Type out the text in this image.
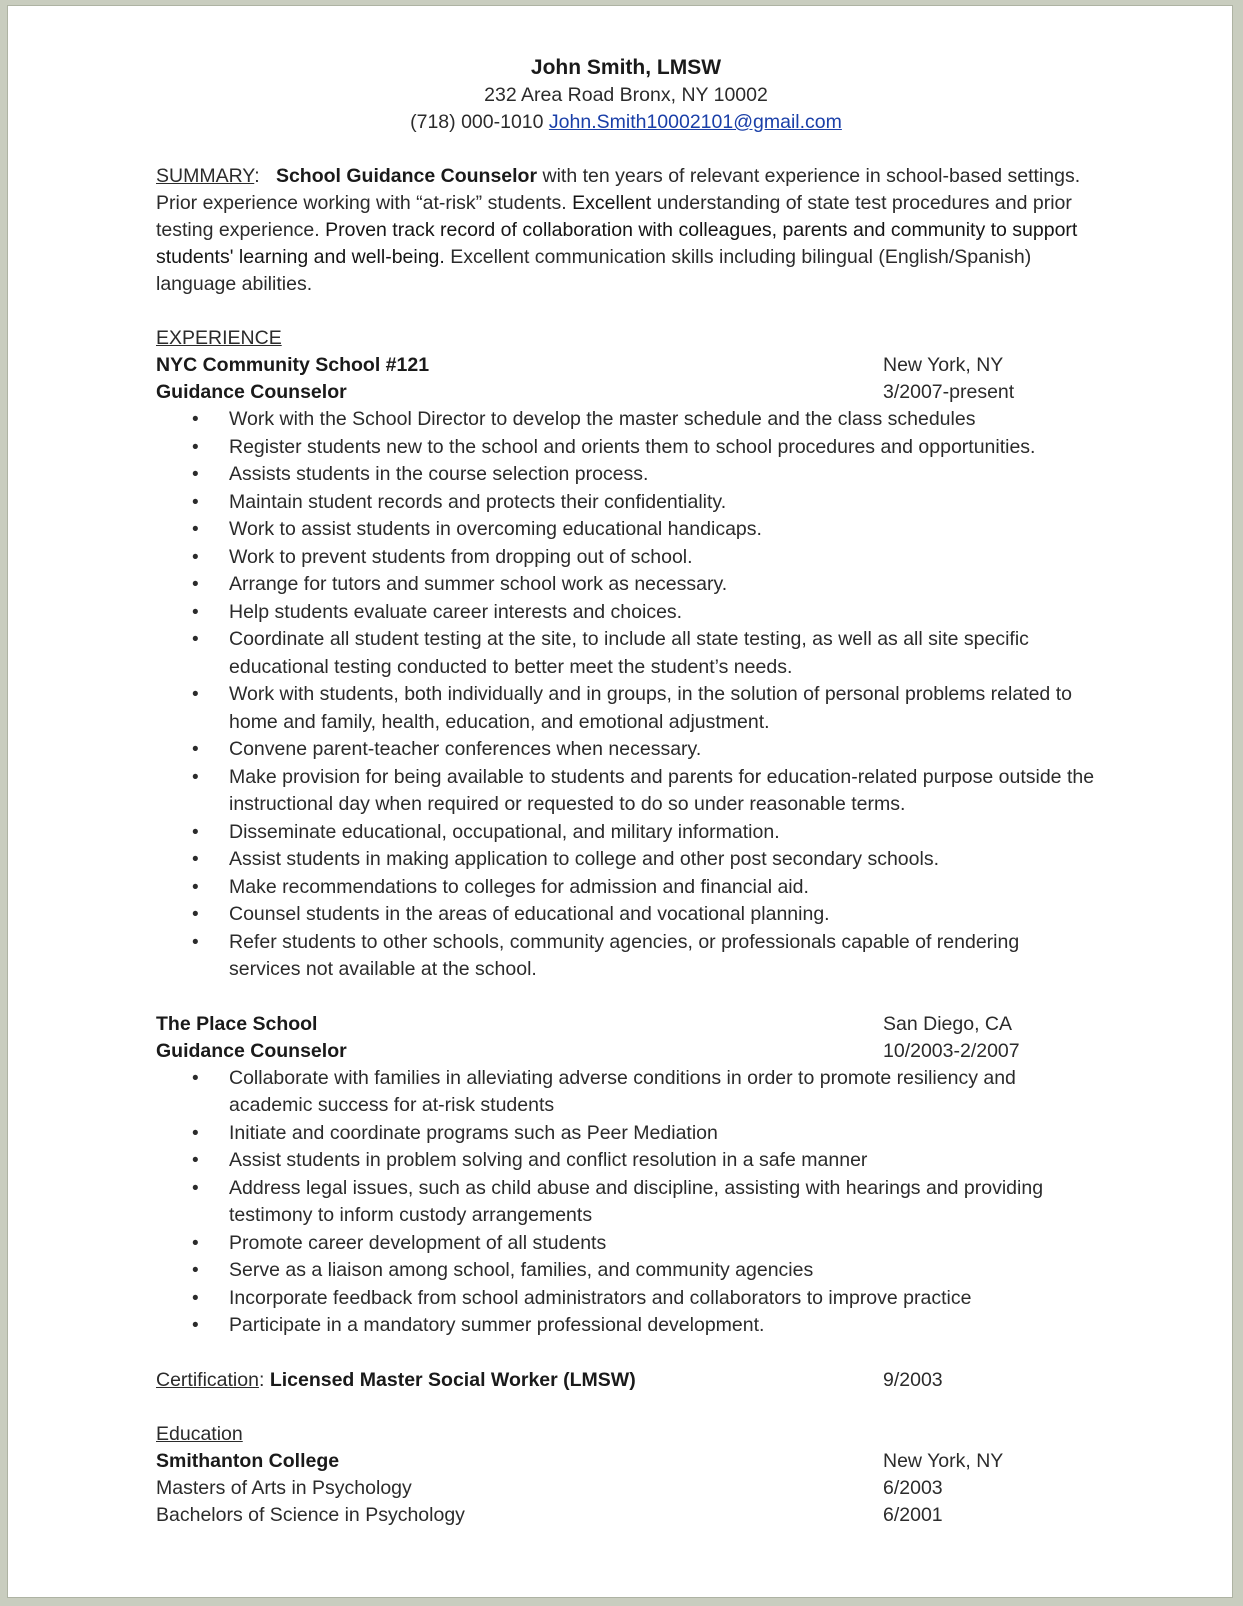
John Smith, LMSW
232 Area Road Bronx, NY 10002
(718) 000-1010 John.Smith10002101@gmail.com
SUMMARY: School Guidance Counselor with ten years of relevant experience in school-based settings. Prior experience working with “at-risk” students. Excellent understanding of state test procedures and prior testing experience. Proven track record of collaboration with colleagues, parents and community to support students' learning and well-being. Excellent communication skills including bilingual (English/Spanish) language abilities.
EXPERIENCE
NYC Community School #121	New York, NY
Guidance Counselor	3/2007-present
• Work with the School Director to develop the master schedule and the class schedules
• Register students new to the school and orients them to school procedures and opportunities.
• Assists students in the course selection process.
• Maintain student records and protects their confidentiality.
• Work to assist students in overcoming educational handicaps.
• Work to prevent students from dropping out of school.
• Arrange for tutors and summer school work as necessary.
• Help students evaluate career interests and choices.
• Coordinate all student testing at the site, to include all state testing, as well as all site specific educational testing conducted to better meet the student’s needs.
• Work with students, both individually and in groups, in the solution of personal problems related to home and family, health, education, and emotional adjustment.
• Convene parent-teacher conferences when necessary.
• Make provision for being available to students and parents for education-related purpose outside the instructional day when required or requested to do so under reasonable terms.
• Disseminate educational, occupational, and military information.
• Assist students in making application to college and other post secondary schools.
• Make recommendations to colleges for admission and financial aid.
• Counsel students in the areas of educational and vocational planning.
• Refer students to other schools, community agencies, or professionals capable of rendering services not available at the school.
The Place School	San Diego, CA
Guidance Counselor	10/2003-2/2007
• Collaborate with families in alleviating adverse conditions in order to promote resiliency and academic success for at-risk students
• Initiate and coordinate programs such as Peer Mediation
• Assist students in problem solving and conflict resolution in a safe manner
• Address legal issues, such as child abuse and discipline, assisting with hearings and providing testimony to inform custody arrangements
• Promote career development of all students
• Serve as a liaison among school, families, and community agencies
• Incorporate feedback from school administrators and collaborators to improve practice
• Participate in a mandatory summer professional development.
Certification: Licensed Master Social Worker (LMSW)	9/2003
Education
Smithanton College	New York, NY
Masters of Arts in Psychology	6/2003
Bachelors of Science in Psychology	6/2001
